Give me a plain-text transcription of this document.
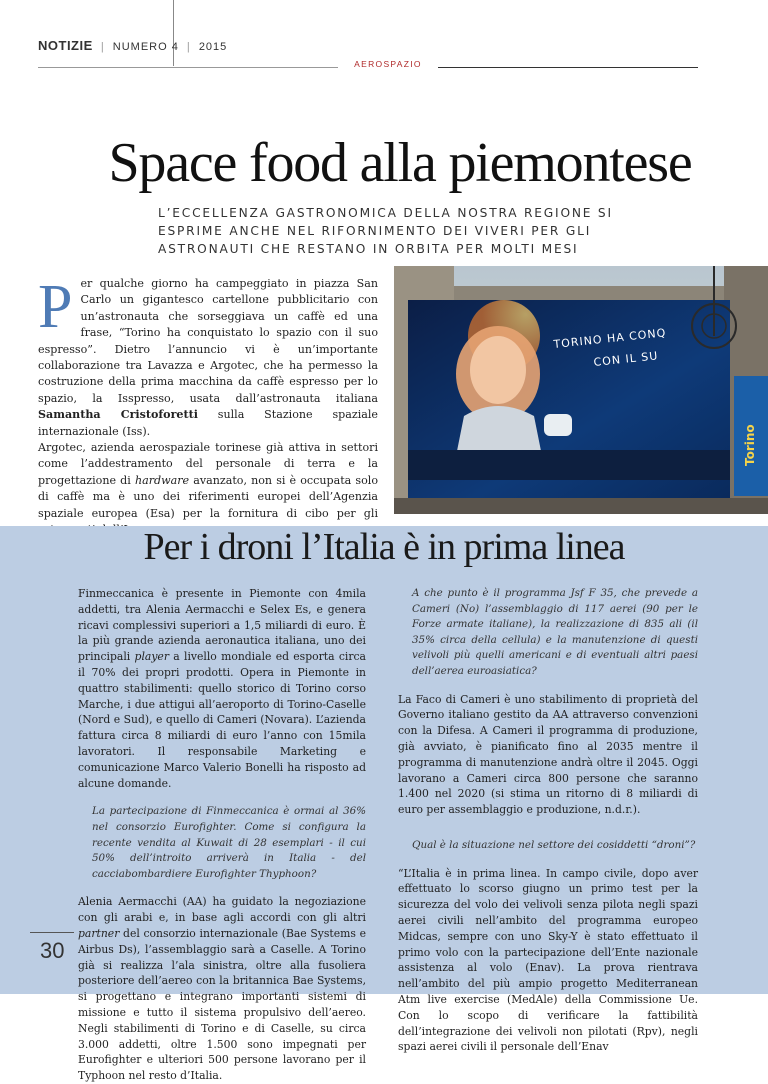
NOTIZIE | NUMERO 4 | 2015
AEROSPAZIO
Space food alla piemontese
L’ECCELLENZA GASTRONOMICA DELLA NOSTRA REGIONE SI ESPRIME ANCHE NEL RIFORNIMENTO DEI VIVERI PER GLI ASTRONAUTI CHE RESTANO IN ORBITA PER MOLTI MESI

Per qualche giorno ha campeggiato in piazza San Carlo un gigantesco cartellone pubblicitario con un’astronauta che sorseggiava un caffè ed una frase, “Torino ha conquistato lo spazio con il suo espresso”. Dietro l’annuncio vi è un’importante collaborazione tra Lavazza e Argotec, che ha permesso la costruzione della prima macchina da caffè espresso per lo spazio, la Isspresso, usata dall’astronauta italiana Samantha Cristoforetti sulla Stazione spaziale internazionale (Iss).

Argotec, azienda aerospaziale torinese già attiva in settori come l’addestramento del personale di terra e la progettazione di hardware avanzato, non si è occupata solo di caffè ma è uno dei riferimenti europei dell’Agenzia spaziale europea (Esa) per la fornitura di cibo per gli

TORINO HA CONQ
CON IL SU
Torino
Per i droni l’Italia è in prima linea

Finmeccanica è presente in Piemonte con 4mila addetti, tra Alenia Aermacchi e Selex Es, e genera ricavi complessivi superiori a 1,5 miliardi di euro. È la più grande azienda aeronautica italiana, uno dei principali player a livello mondiale ed esporta circa il 70% dei propri prodotti. Opera in Piemonte in quattro stabilimenti: quello storico di Torino corso Marche, i due attigui all’aeroporto di Torino-Caselle (Nord e Sud), e quello di Cameri (Novara). L’azienda fattura circa 8 miliardi di euro l’anno con 15mila lavoratori. Il responsabile Marketing e comunicazione Marco Valerio Bonelli ha risposto ad alcune domande.

La partecipazione di Finmeccanica è ormai al 36% nel consorzio Eurofighter. Come si configura la recente vendita al Kuwait di 28 esemplari - il cui 50% dell’introito arriverà in Italia - del cacciabombardiere Eurofighter Thyphoon?

Alenia Aermacchi (AA) ha guidato la negoziazione con gli arabi e, in base agli accordi con gli altri partner del consorzio internazionale (Bae Systems e Airbus Ds), l’assemblaggio sarà a Caselle. A Torino già si realizza l’ala sinistra, oltre alla fusoliera posteriore dell’aereo con la britannica Bae Systems, si progettano e integrano importanti sistemi di missione e tutto il sistema propulsivo dell’aereo. Negli stabilimenti di Torino e di Caselle, su circa 3.000 addetti, oltre 1.500 sono impegnati per Eurofighter e ulteriori 500 persone lavorano per il Typhoon nel resto d’Italia.

A che punto è il programma Jsf F 35, che prevede a Cameri (No) l’assemblaggio di 117 aerei (90 per le Forze armate italiane), la realizzazione di 835 ali (il 35% circa della cellula) e la manutenzione di questi velivoli più quelli americani e di eventuali altri paesi dell’aerea euroasiatica?

La Faco di Cameri è uno stabilimento di proprietà del Governo italiano gestito da AA attraverso convenzioni con la Difesa. A Cameri il programma di produzione, già avviato, è pianificato fino al 2035 mentre il programma di manutenzione andrà oltre il 2045. Oggi lavorano a Cameri circa 800 persone che saranno 1.400 nel 2020 (si stima un ritorno di 8 miliardi di euro per assemblaggio e produzione, n.d.r.).

Qual è la situazione nel settore dei cosiddetti “droni”?

“L’Italia è in prima linea. In campo civile, dopo aver effettuato lo scorso giugno un primo test per la sicurezza del volo dei velivoli senza pilota negli spazi aerei civili nell’ambito del programma europeo Midcas, sempre con uno Sky-Y è stato effettuato il primo volo con la partecipazione dell’Ente nazionale assistenza al volo (Enav). La prova rientrava nell’ambito del più ampio progetto Mediterranean Atm live exercise (MedAle) della Commissione Ue. Con lo scopo di verificare la fattibilità dell’integrazione dei velivoli non pilotati (Rpv), negli spazi aerei civili il personale dell’Enav

30
